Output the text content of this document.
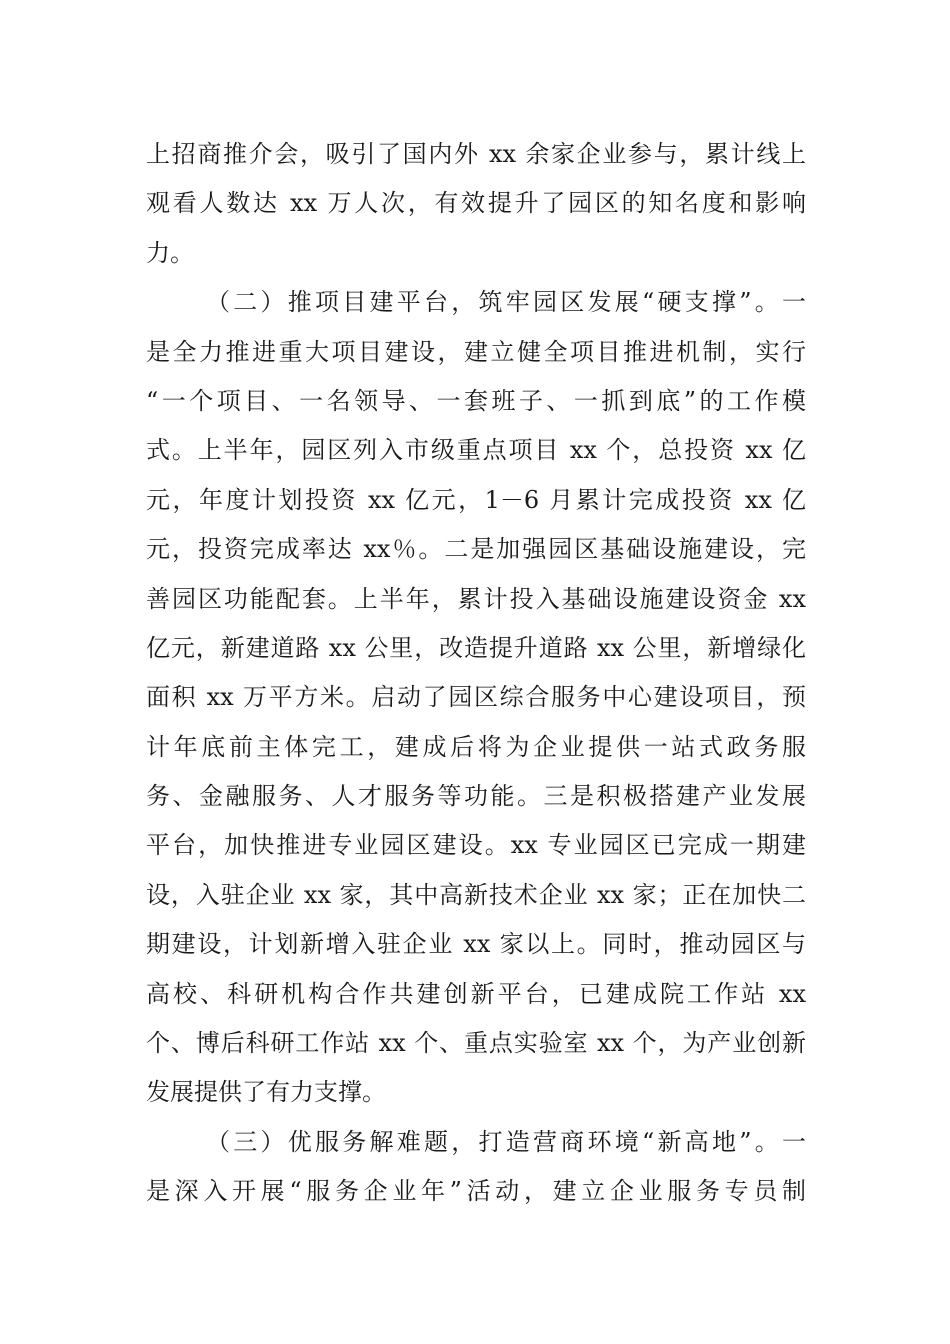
上招商推介会，吸引了国内外 xx 余家企业参与，累计线上
观看人数达 xx 万人次，有效提升了园区的知名度和影响
力。
（二）推项目建平台，筑牢园区发展“硬支撑”。一
是全力推进重大项目建设，建立健全项目推进机制，实行
“一个项目、一名领导、一套班子、一抓到底”的工作模
式。上半年，园区列入市级重点项目 xx 个，总投资 xx 亿
元，年度计划投资 xx 亿元，1－6 月累计完成投资 xx 亿
元，投资完成率达 xx％。二是加强园区基础设施建设，完
善园区功能配套。上半年，累计投入基础设施建设资金 xx
亿元，新建道路 xx 公里，改造提升道路 xx 公里，新增绿化
面积 xx 万平方米。启动了园区综合服务中心建设项目，预
计年底前主体完工，建成后将为企业提供一站式政务服
务、金融服务、人才服务等功能。三是积极搭建产业发展
平台，加快推进专业园区建设。xx 专业园区已完成一期建
设，入驻企业 xx 家，其中高新技术企业 xx 家；正在加快二
期建设，计划新增入驻企业 xx 家以上。同时，推动园区与
高校、科研机构合作共建创新平台，已建成院工作站 xx
个、博后科研工作站 xx 个、重点实验室 xx 个，为产业创新
发展提供了有力支撑。
（三）优服务解难题，打造营商环境“新高地”。一
是深入开展“服务企业年”活动，建立企业服务专员制
